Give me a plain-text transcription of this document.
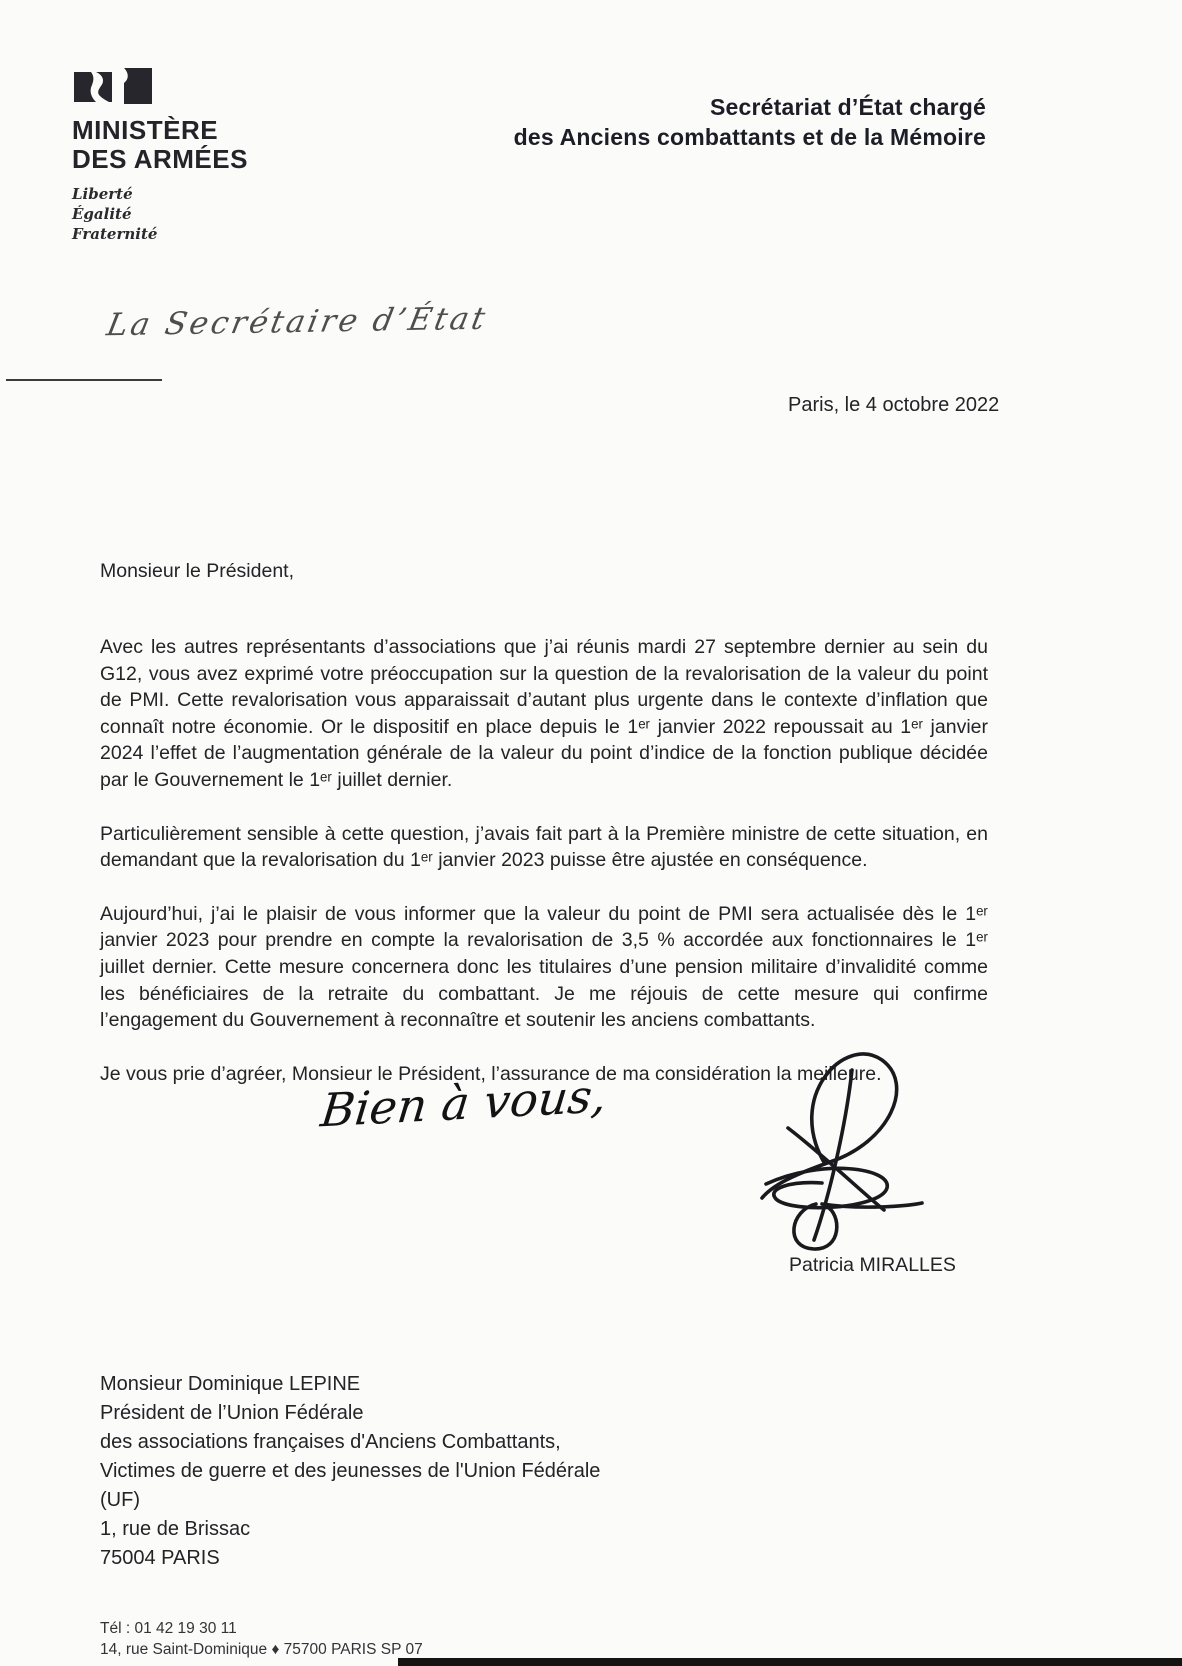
MINISTÈRE
DES ARMÉES
Liberté
Égalité
Fraternité
Secrétariat d’État chargé
des Anciens combattants et de la Mémoire
La Secrétaire d’État
Paris, le 4 octobre 2022
Monsieur le Président,

Avec les autres représentants d’associations que j’ai réunis mardi 27 septembre dernier au sein du G12, vous avez exprimé votre préoccupation sur la question de la revalorisation de la valeur du point de PMI. Cette revalorisation vous apparaissait d’autant plus urgente dans le contexte d’inflation que connaît notre économie. Or le dispositif en place depuis le 1ᵉʳ janvier 2022 repoussait au 1ᵉʳ janvier 2024 l’effet de l’augmentation générale de la valeur du point d’indice de la fonction publique décidée par le Gouvernement le 1ᵉʳ juillet dernier.

Particulièrement sensible à cette question, j’avais fait part à la Première ministre de cette situation, en demandant que la revalorisation du 1ᵉʳ janvier 2023 puisse être ajustée en conséquence.

Aujourd’hui, j’ai le plaisir de vous informer que la valeur du point de PMI sera actualisée dès le 1ᵉʳ janvier 2023 pour prendre en compte la revalorisation de 3,5 % accordée aux fonctionnaires le 1ᵉʳ juillet dernier. Cette mesure concernera donc les titulaires d’une pension militaire d’invalidité comme les bénéficiaires de la retraite du combattant. Je me réjouis de cette mesure qui confirme l’engagement du Gouvernement à reconnaître et soutenir les anciens combattants.

Je vous prie d’agréer, Monsieur le Président, l’assurance de ma considération la meilleure.

Bien à vous,
Patricia MIRALLES
Monsieur Dominique LEPINE
Président de l’Union Fédérale
des associations françaises d'Anciens Combattants,
Victimes de guerre et des jeunesses de l'Union Fédérale
(UF)
1, rue de Brissac
75004 PARIS
Tél : 01 42 19 30 11
14, rue Saint-Dominique ♦ 75700 PARIS SP 07
